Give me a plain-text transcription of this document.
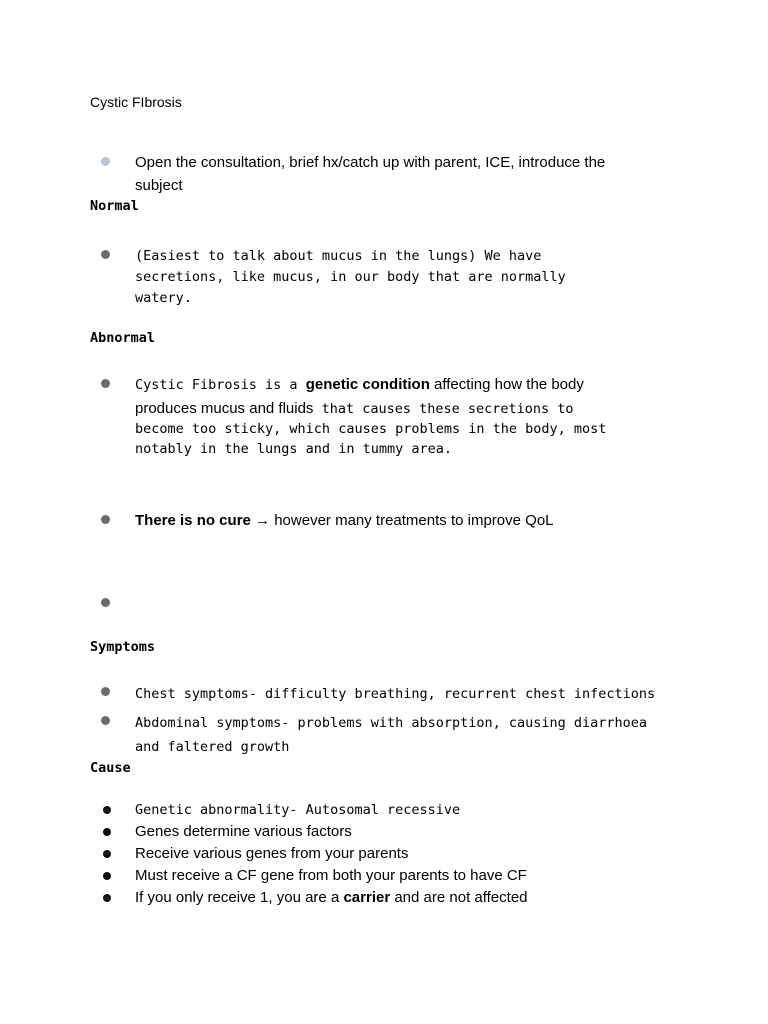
Cystic FIbrosis
Open the consultation, brief hx/catch up with parent, ICE, introduce the
subject
Normal
(Easiest to talk about mucus in the lungs) We have
secretions, like mucus, in our body that are normally
watery.
Abnormal
Cystic Fibrosis is a genetic condition affecting how the body
produces mucus and fluids that causes these secretions to
become too sticky, which causes problems in the body, most
notably in the lungs and in tummy area.
There is no cure → however many treatments to improve QoL
Symptoms
Chest symptoms- difficulty breathing, recurrent chest infections
Abdominal symptoms- problems with absorption, causing diarrhoea
and faltered growth
Cause
Genetic abnormality- Autosomal recessive
Genes determine various factors
Receive various genes from your parents
Must receive a CF gene from both your parents to have CF
If you only receive 1, you are a carrier and are not affected
